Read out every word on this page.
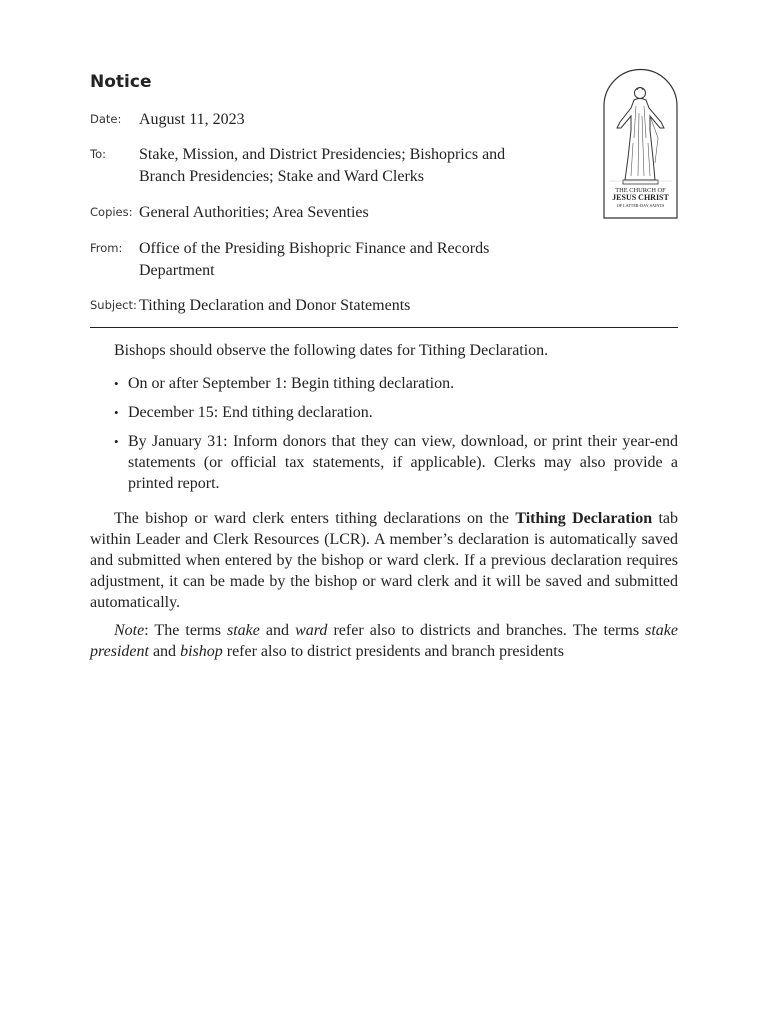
Notice
THE CHURCH OF
JESUS CHRIST
OF LATTER-DAY SAINTS
Date: August 11, 2023
To: Stake, Mission, and District Presidencies; Bishoprics and Branch Presidencies; Stake and Ward Clerks
Copies: General Authorities; Area Seventies
From: Office of the Presiding Bishopric Finance and Records Department
Subject: Tithing Declaration and Donor Statements

Bishops should observe the following dates for Tithing Declaration.

• On or after September 1: Begin tithing declaration.
• December 15: End tithing declaration.
• By January 31: Inform donors that they can view, download, or print their year-end statements (or official tax statements, if applicable). Clerks may also provide a printed report.

The bishop or ward clerk enters tithing declarations on the Tithing Declaration tab within Leader and Clerk Resources (LCR). A member’s declaration is automatically saved and submitted when entered by the bishop or ward clerk. If a previous declaration requires adjustment, it can be made by the bishop or ward clerk and it will be saved and submitted automatically.

Note: The terms stake and ward refer also to districts and branches. The terms stake president and bishop refer also to district presidents and branch presidents
